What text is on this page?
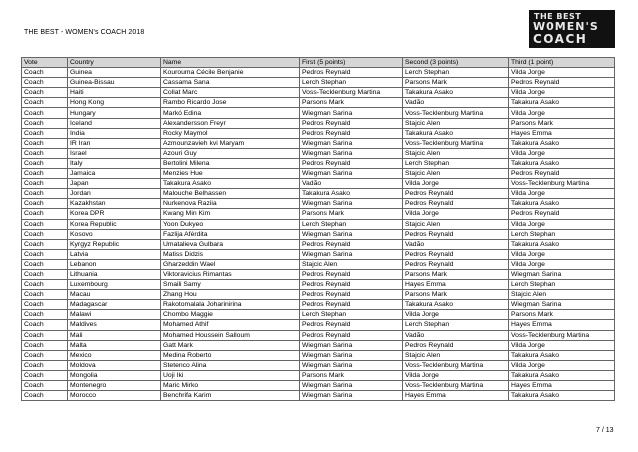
THE BEST - WOMEN's COACH 2018
THE BEST
W0MEN'S
COACH
Vote	Country	Name	First (5 points)	Second (3 points)	Third (1 point)
Coach	Guinea	Kourouma Cécile Benjanie	Pedros Reynald	Lerch Stephan	Vilda Jorge
Coach	Guinea-Bissau	Cassama Sana	Lerch Stephan	Parsons Mark	Pedros Reynald
Coach	Haiti	Collat Marc	Voss-Tecklenburg Martina	Takakura Asako	Vilda Jorge
Coach	Hong Kong	Rambo Ricardo Jose	Parsons Mark	Vadão	Takakura Asako
Coach	Hungary	Markó Edina	Wiegman Sarina	Voss-Tecklenburg Martina	Vilda Jorge
Coach	Iceland	Alexandersson Freyr	Pedros Reynald	Stajcic Alen	Parsons Mark
Coach	India	Rocky Maymol	Pedros Reynald	Takakura Asako	Hayes Emma
Coach	IR Iran	Azmounzavieh kvi Maryam	Wiegman Sarina	Voss-Tecklenburg Martina	Takakura Asako
Coach	Israel	Azouri Guy	Wiegman Sarina	Stajcic Alen	Vilda Jorge
Coach	Italy	Bertolini Milena	Pedros Reynald	Lerch Stephan	Takakura Asako
Coach	Jamaica	Menzies Hue	Wiegman Sarina	Stajcic Alen	Pedros Reynald
Coach	Japan	Takakura Asako	Vadão	Vilda Jorge	Voss-Tecklenburg Martina
Coach	Jordan	Malouche Belhassen	Takakura Asako	Pedros Reynald	Vilda Jorge
Coach	Kazakhstan	Nurkenova Raziia	Wiegman Sarina	Pedros Reynald	Takakura Asako
Coach	Korea DPR	Kwang Min Kim	Parsons Mark	Vilda Jorge	Pedros Reynald
Coach	Korea Republic	Yoon Dukyeo	Lerch Stephan	Stajcic Alen	Vilda Jorge
Coach	Kosovo	Fazlija Afėrdita	Wiegman Sarina	Pedros Reynald	Lerch Stephan
Coach	Kyrgyz Republic	Umatalieva Gulbara	Pedros Reynald	Vadão	Takakura Asako
Coach	Latvia	Matiss Didzis	Wiegman Sarina	Pedros Reynald	Vilda Jorge
Coach	Lebanon	Gharzeddin Wael	Stajcic Alen	Pedros Reynald	Vilda Jorge
Coach	Lithuania	Viktoravicius Rimantas	Pedros Reynald	Parsons Mark	Wiegman Sarina
Coach	Luxembourg	Smaili Samy	Pedros Reynald	Hayes Emma	Lerch Stephan
Coach	Macau	Zhang Hou	Pedros Reynald	Parsons Mark	Stajcic Alen
Coach	Madagascar	Rakotomalala Joharinirina	Pedros Reynald	Takakura Asako	Wiegman Sarina
Coach	Malawi	Chombo Maggie	Lerch Stephan	Vilda Jorge	Parsons Mark
Coach	Maldives	Mohamed Athif	Pedros Reynald	Lerch Stephan	Hayes Emma
Coach	Mali	Mohamed Houssein Salloum	Pedros Reynald	Vadão	Voss-Tecklenburg Martina
Coach	Malta	Gatt Mark	Wiegman Sarina	Pedros Reynald	Vilda Jorge
Coach	Mexico	Medina Roberto	Wiegman Sarina	Stajcic Alen	Takakura Asako
Coach	Moldova	Stetenco Alina	Wiegman Sarina	Voss-Tecklenburg Martina	Vilda Jorge
Coach	Mongolia	Uoji Iki	Parsons Mark	Vilda Jorge	Takakura Asako
Coach	Montenegro	Maric Mirko	Wiegman Sarina	Voss-Tecklenburg Martina	Hayes Emma
Coach	Morocco	Benchrifa Karim	Wiegman Sarina	Hayes Emma	Takakura Asako
7 / 13
